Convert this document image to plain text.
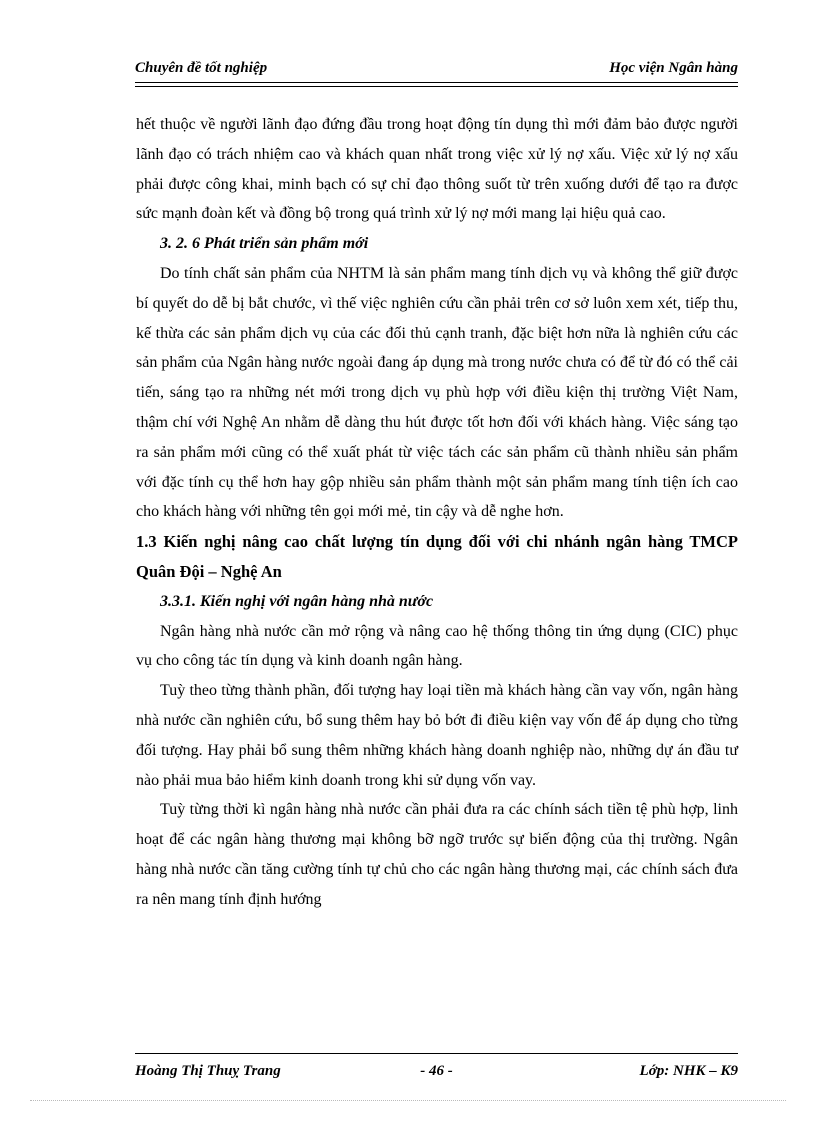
Chuyên đề tốt nghiệp	Học viện Ngân hàng

hết thuộc về người lãnh đạo đứng đầu trong hoạt động tín dụng thì mới đảm bảo được người lãnh đạo có trách nhiệm cao và khách quan nhất trong việc xử lý nợ xấu. Việc xử lý nợ xấu phải được công khai, minh bạch có sự chỉ đạo thông suốt từ trên xuống dưới để tạo ra được sức mạnh đoàn kết và đồng bộ trong quá trình xử lý nợ mới mang lại hiệu quả cao.

3. 2. 6 Phát triển sản phẩm mới

Do tính chất sản phẩm của NHTM là sản phẩm mang tính dịch vụ và không thể giữ được bí quyết do dễ bị bắt chước, vì thế việc nghiên cứu cần phải trên cơ sở luôn xem xét, tiếp thu, kế thừa các sản phẩm dịch vụ của các đối thủ cạnh tranh, đặc biệt hơn nữa là nghiên cứu các sản phẩm của Ngân hàng nước ngoài đang áp dụng mà trong nước chưa có để từ đó có thể cải tiến, sáng tạo ra những nét mới trong dịch vụ phù hợp với điều kiện thị trường Việt Nam, thậm chí với Nghệ An nhằm dễ dàng thu hút được tốt hơn đối với khách hàng. Việc sáng tạo ra sản phẩm mới cũng có thể xuất phát từ việc tách các sản phẩm cũ thành nhiều sản phẩm với đặc tính cụ thể hơn hay gộp nhiều sản phẩm thành một sản phẩm mang tính tiện ích cao cho khách hàng với những tên gọi mới mẻ, tin cậy và dễ nghe hơn.

1.3 Kiến nghị nâng cao chất lượng tín dụng đối với chi nhánh ngân hàng TMCP Quân Đội – Nghệ An

3.3.1. Kiến nghị với ngân hàng nhà nước

Ngân hàng nhà nước cần mở rộng và nâng cao hệ thống thông tin ứng dụng (CIC) phục vụ cho công tác tín dụng và kinh doanh ngân hàng.

Tuỳ theo từng thành phần, đối tượng hay loại tiền mà khách hàng cần vay vốn, ngân hàng nhà nước cần nghiên cứu, bổ sung thêm hay bỏ bớt đi điều kiện vay vốn để áp dụng cho từng đối tượng. Hay phải bổ sung thêm những khách hàng doanh nghiệp nào, những dự án đầu tư nào phải mua bảo hiểm kinh doanh trong khi sử dụng vốn vay.

Tuỳ từng thời kì ngân hàng nhà nước cần phải đưa ra các chính sách tiền tệ phù hợp, linh hoạt để các ngân hàng thương mại không bỡ ngỡ trước sự biến động của thị trường. Ngân hàng nhà nước cần tăng cường tính tự chủ cho các ngân hàng thương mại, các chính sách đưa ra nên mang tính định hướng

Hoàng Thị Thuỵ Trang	- 46 -	Lớp: NHK – K9
